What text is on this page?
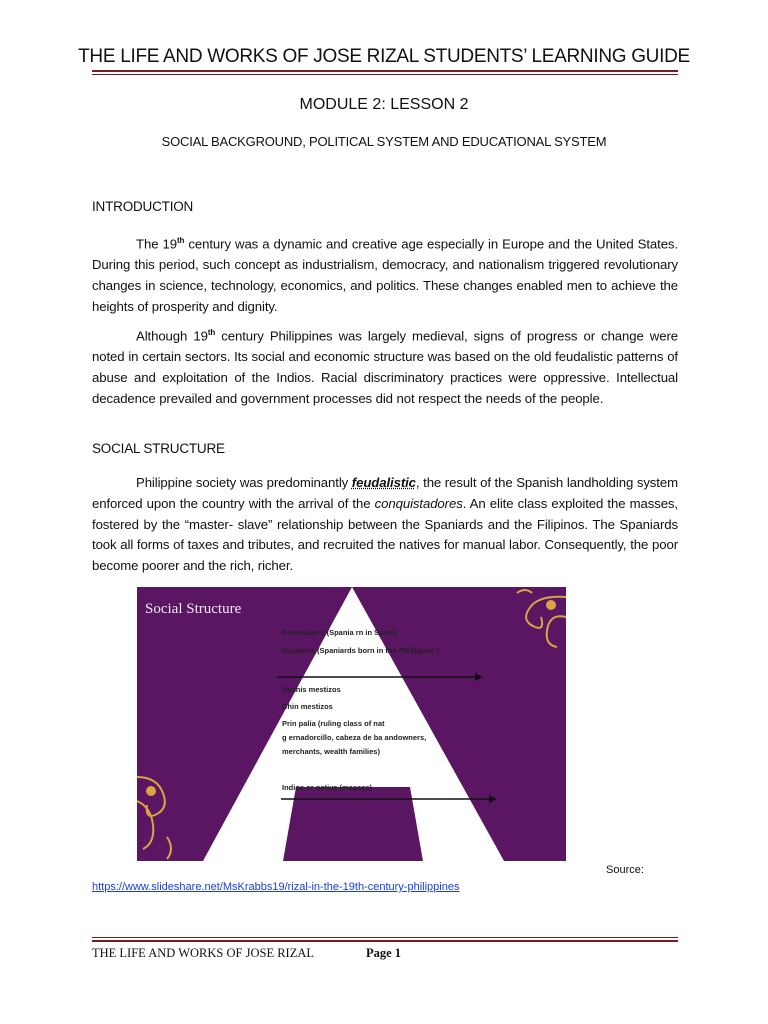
THE LIFE AND WORKS OF JOSE RIZAL STUDENTS’ LEARNING GUIDE
MODULE 2: LESSON 2
SOCIAL BACKGROUND, POLITICAL SYSTEM AND EDUCATIONAL SYSTEM
INTRODUCTION
The 19th century was a dynamic and creative age especially in Europe and the United States. During this period, such concept as industrialism, democracy, and nationalism triggered revolutionary changes in science, technology, economics, and politics. These changes enabled men to achieve the heights of prosperity and dignity.
Although 19th century Philippines was largely medieval, signs of progress or change were noted in certain sectors. Its social and economic structure was based on the old feudalistic patterns of abuse and exploitation of the Indios. Racial discriminatory practices were oppressive. Intellectual decadence prevailed and government processes did not respect the needs of the people.
SOCIAL STRUCTURE
Philippine society was predominantly feudalistic, the result of the Spanish landholding system enforced upon the country with the arrival of the conquistadores. An elite class exploited the masses, fostered by the “master- slave” relationship between the Spaniards and the Filipinos. The Spaniards took all forms of taxes and tributes, and recruited the natives for manual labor. Consequently, the poor become poorer and the rich, richer.
Social Structure
Peninsulare (Spania rn in Spain)
Insulares (Spaniards born in the Philippine )
Spanis mestizos
Chin mestizos
Prin palia (ruling class of nat
g ernadorcillo, cabeza de ba andowners,
merchants, wealth families)
Indios or native (masses)
Source:
https://www.slideshare.net/MsKrabbs19/rizal-in-the-19th-century-philippines
THE LIFE AND WORKS OF JOSE RIZAL	Page 1
